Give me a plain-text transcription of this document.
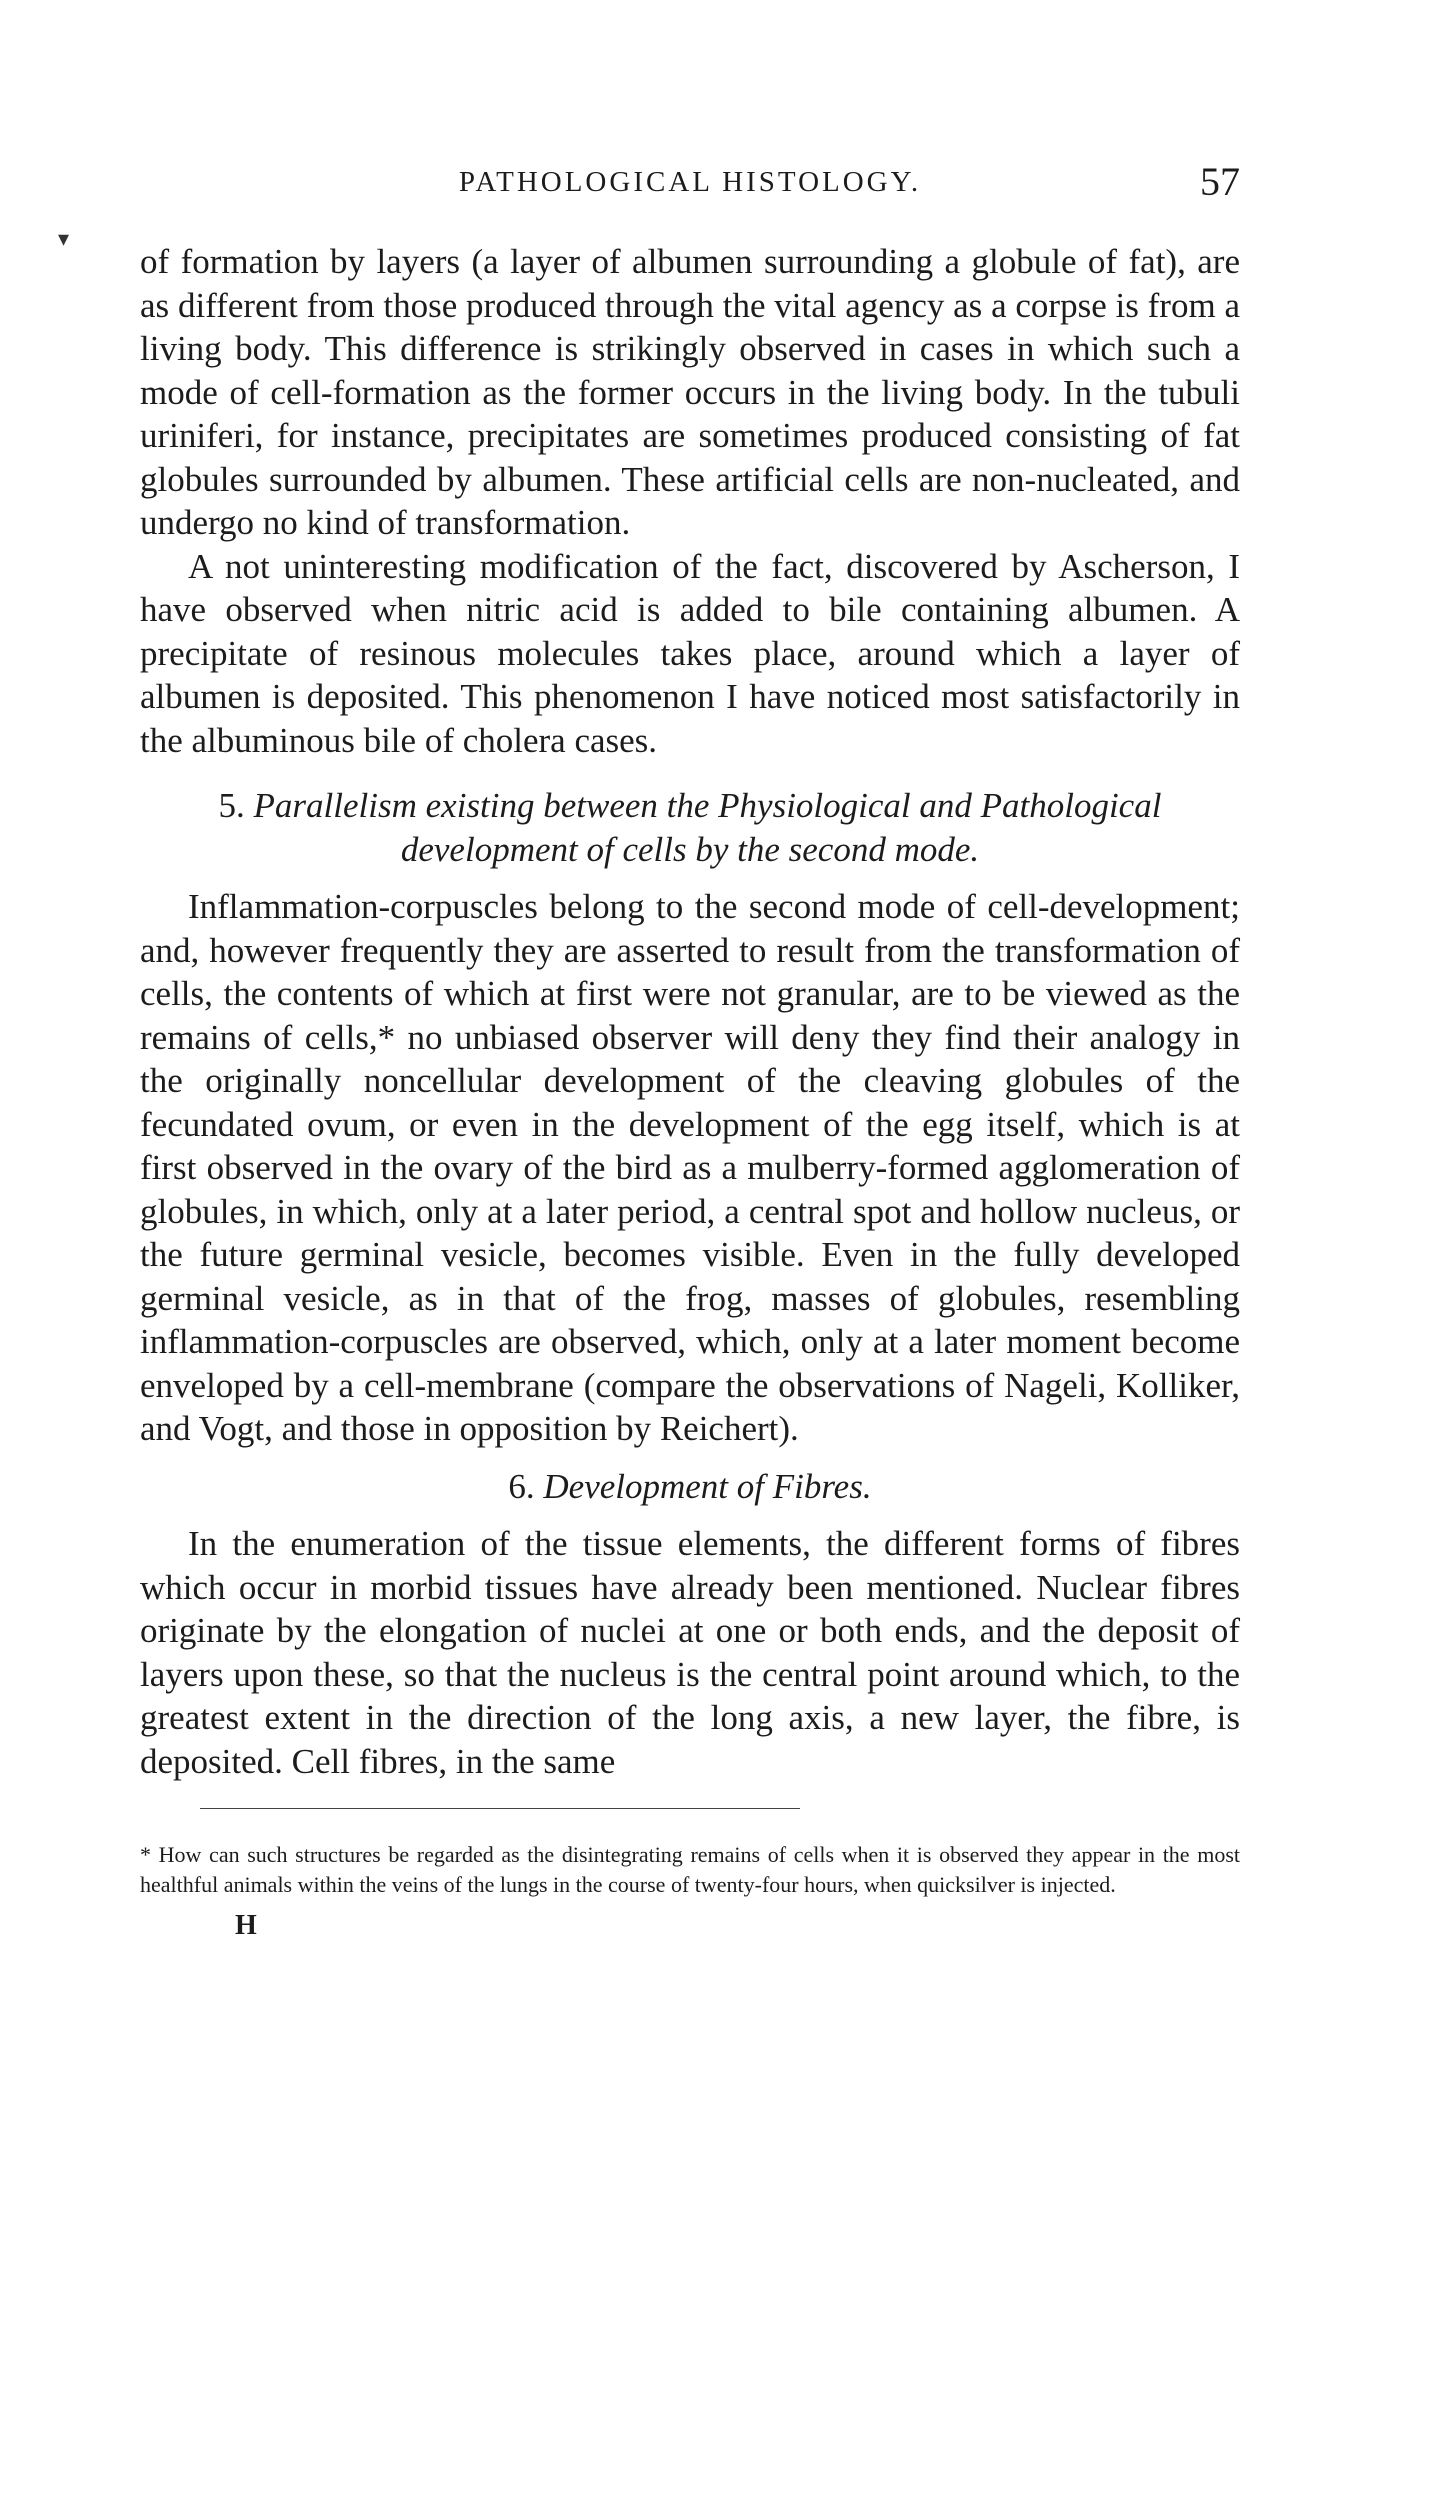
▾
PATHOLOGICAL HISTOLOGY.	57

of formation by layers (a layer of albumen surrounding a globule of fat), are as different from those produced through the vital agency as a corpse is from a living body. This difference is strikingly observed in cases in which such a mode of cell-formation as the former occurs in the living body. In the tubuli uriniferi, for instance, precipitates are sometimes produced consisting of fat globules surrounded by albumen. These artificial cells are non-nucleated, and undergo no kind of transformation.

A not uninteresting modification of the fact, discovered by Ascherson, I have observed when nitric acid is added to bile containing albumen. A precipitate of resinous molecules takes place, around which a layer of albumen is deposited. This phenomenon I have noticed most satisfactorily in the albuminous bile of cholera cases.

5. Parallelism existing between the Physiological and Pathological development of cells by the second mode.

Inflammation-corpuscles belong to the second mode of cell-development; and, however frequently they are asserted to result from the transformation of cells, the contents of which at first were not granular, are to be viewed as the remains of cells,* no unbiased observer will deny they find their analogy in the originally noncellular development of the cleaving globules of the fecundated ovum, or even in the development of the egg itself, which is at first observed in the ovary of the bird as a mulberry-formed agglomeration of globules, in which, only at a later period, a central spot and hollow nucleus, or the future germinal vesicle, becomes visible. Even in the fully developed germinal vesicle, as in that of the frog, masses of globules, resembling inflammation-corpuscles are observed, which, only at a later moment become enveloped by a cell-membrane (compare the observations of Nageli, Kolliker, and Vogt, and those in opposition by Reichert).

6. Development of Fibres.

In the enumeration of the tissue elements, the different forms of fibres which occur in morbid tissues have already been mentioned. Nuclear fibres originate by the elongation of nuclei at one or both ends, and the deposit of layers upon these, so that the nucleus is the central point around which, to the greatest extent in the direction of the long axis, a new layer, the fibre, is deposited. Cell fibres, in the same

* How can such structures be regarded as the disintegrating remains of cells when it is observed they appear in the most healthful animals within the veins of the lungs in the course of twenty-four hours, when quicksilver is injected.

H
